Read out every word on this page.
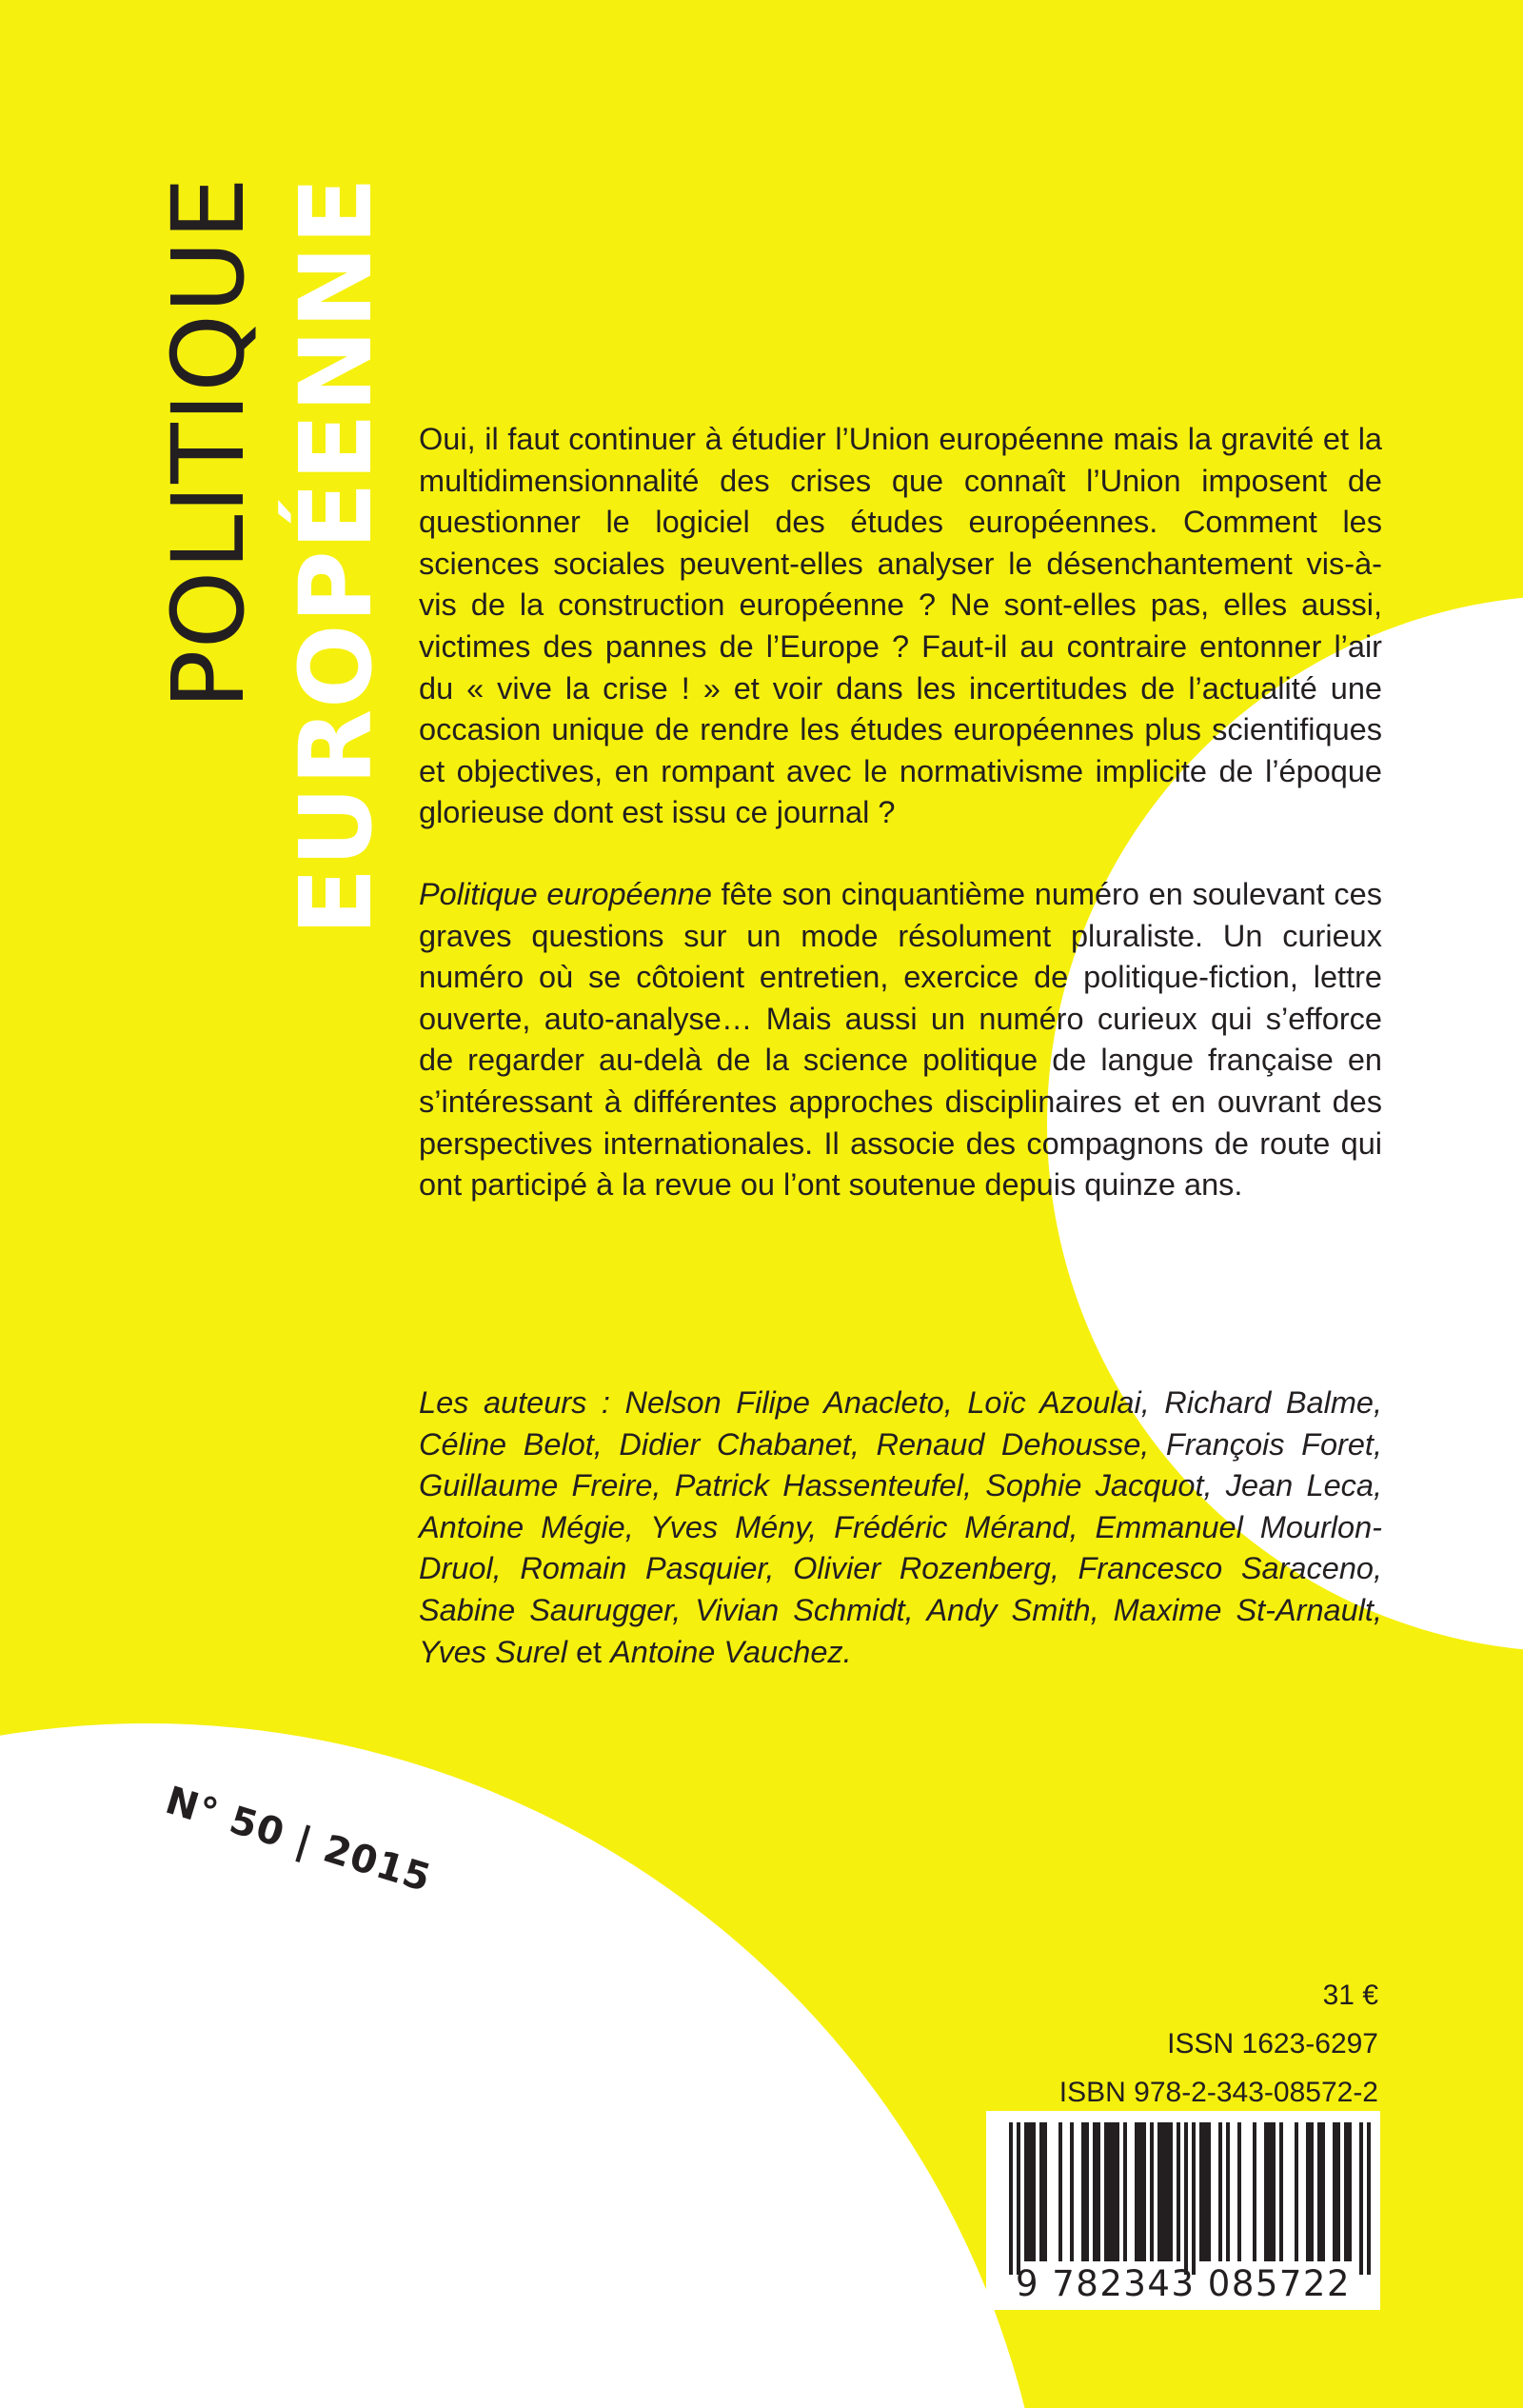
POLITIQUE EUROPÉENNE
N° 50 | 2015

Oui, il faut continuer à étudier l’Union européenne mais la gravité et la multidimensionnalité des crises que connaît l’Union imposent de questionner le logiciel des études européennes. Comment les sciences sociales peuvent-elles analyser le désenchantement vis-à-vis de la construction européenne ? Ne sont-elles pas, elles aussi, victimes des pannes de l’Europe ? Faut-il au contraire entonner l’air du « vive la crise ! » et voir dans les incertitudes de l’actualité une occasion unique de rendre les études européennes plus scientifiques et objectives, en rompant avec le normativisme implicite de l’époque glorieuse dont est issu ce journal ?

Politique européenne fête son cinquantième numéro en soulevant ces graves questions sur un mode résolument pluraliste. Un curieux numéro où se côtoient entretien, exercice de politique-fiction, lettre ouverte, auto-analyse… Mais aussi un numéro curieux qui s’efforce de regarder au-delà de la science politique de langue française en s’intéressant à différentes approches disciplinaires et en ouvrant des perspectives internationales. Il associe des compagnons de route qui ont participé à la revue ou l’ont soutenue depuis quinze ans.

Les auteurs : Nelson Filipe Anacleto, Loïc Azoulai, Richard Balme, Céline Belot, Didier Chabanet, Renaud Dehousse, François Foret, Guillaume Freire, Patrick Hassenteufel, Sophie Jacquot, Jean Leca, Antoine Mégie, Yves Mény, Frédéric Mérand, Emmanuel Mourlon-Druol, Romain Pasquier, Olivier Rozenberg, Francesco Saraceno, Sabine Saurugger, Vivian Schmidt, Andy Smith, Maxime St-Arnault, Yves Surel et Antoine Vauchez.
31 €
ISSN 1623-6297
ISBN 978-2-343-08572-2
9 782343 085722
